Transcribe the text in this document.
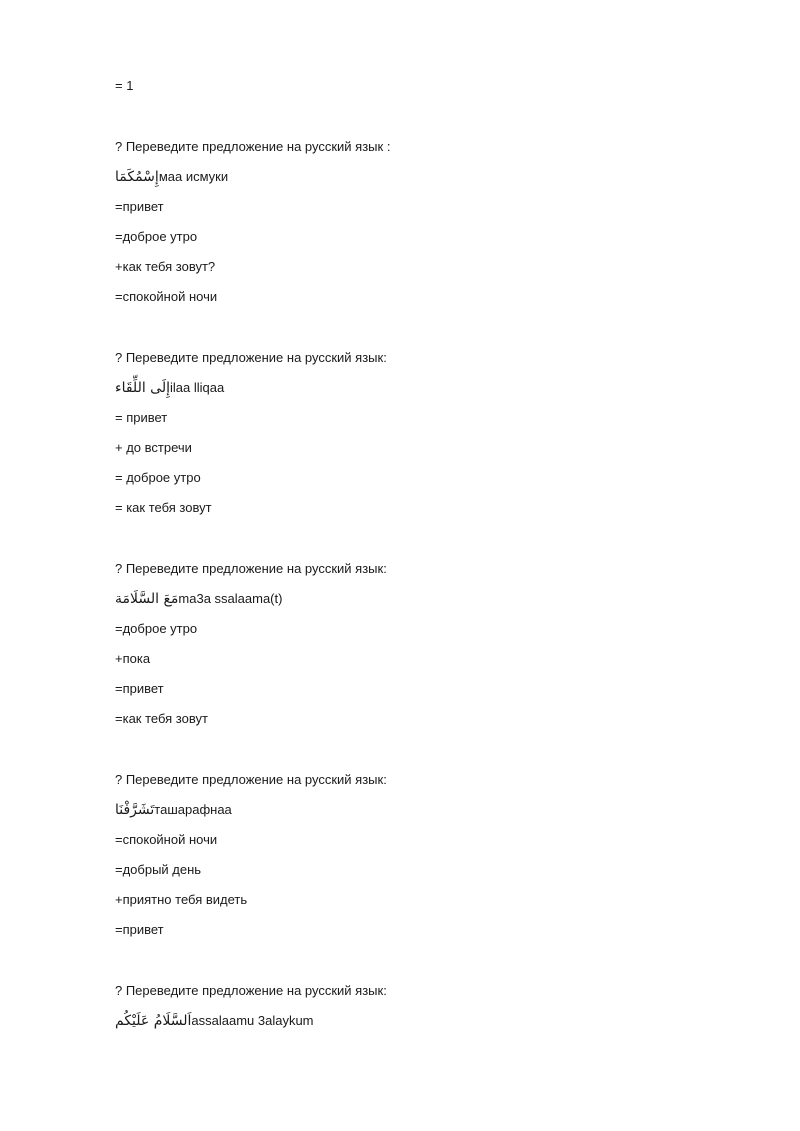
= 1
? Переведите предложение на русский язык :
إِسْمُكَمَاмаа исмуки
=привет
=доброе утро
+как тебя зовут?
=спокойной ночи
? Переведите предложение на русский язык:
إِلَى اللِّقَاءilaa lliqaa
= привет
+ до встречи
= доброе утро
= как тебя зовут
? Переведите предложение на русский язык:
مَعَ السَّلَامَةma3a ssalaama(t)
=доброе утро
+пока
=привет
=как тебя зовут
? Переведите предложение на русский язык:
تَشَرَّفْنَاташарафнаа
=спокойной ночи
=добрый день
+приятно тебя видеть
=привет
? Переведите предложение на русский язык:
اَلسَّلَامُ عَلَيْكُمassalaamu 3alaykum
